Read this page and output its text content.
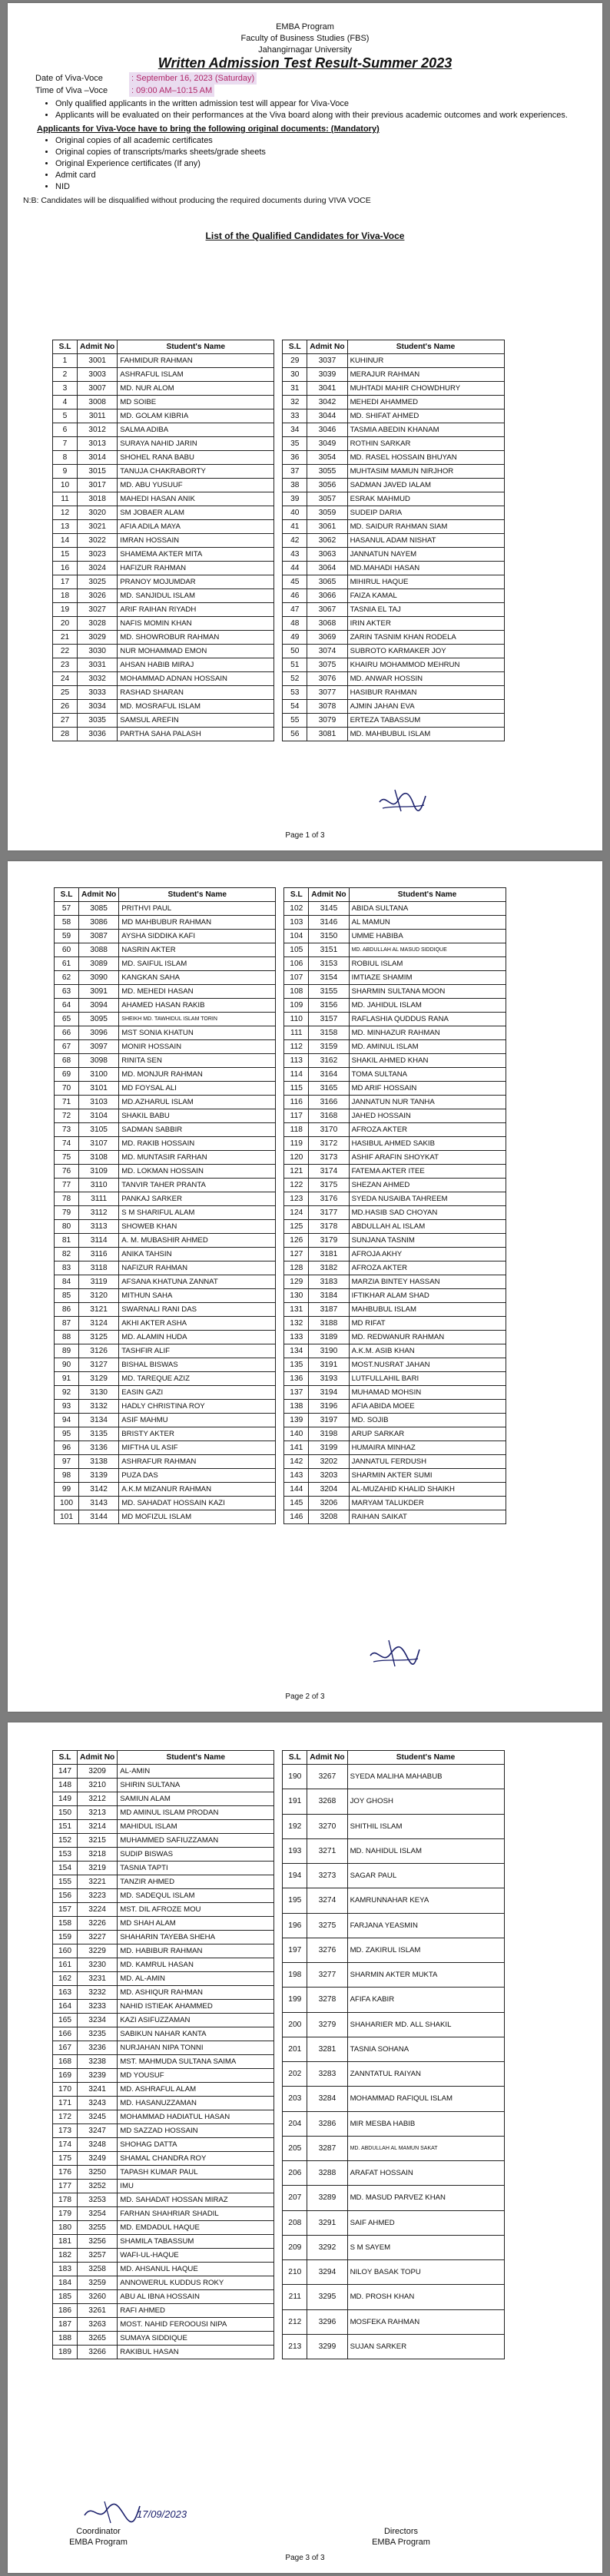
EMBA Program
Faculty of Business Studies (FBS)
Jahangirnagar University
Written Admission Test Result-Summer 2023
Date of Viva-Voce	: September 16, 2023 (Saturday)
Time of Viva –Voce	: 09:00 AM–10:15 AM
• Only qualified applicants in the written admission test will appear for Viva-Voce
• Applicants will be evaluated on their performances at the Viva board along with their previous academic outcomes and work experiences.
Applicants for Viva-Voce have to bring the following original documents: (Mandatory)
• Original copies of all academic certificates
• Original copies of transcripts/marks sheets/grade sheets
• Original Experience certificates (If any)
• Admit card
• NID
N:B: Candidates will be disqualified without producing the required documents during VIVA VOCE
List of the Qualified Candidates for Viva-Voce
S.L	Admit No	Student's Name
1	3001	FAHMIDUR RAHMAN
2	3003	ASHRAFUL ISLAM
3	3007	MD. NUR ALOM
4	3008	MD SOIBE
5	3011	MD. GOLAM KIBRIA
6	3012	SALMA ADIBA
7	3013	SURAYA NAHID JARIN
8	3014	SHOHEL RANA BABU
9	3015	TANUJA CHAKRABORTY
10	3017	MD. ABU YUSUUF
11	3018	MAHEDI HASAN ANIK
12	3020	SM JOBAER ALAM
13	3021	AFIA ADILA MAYA
14	3022	IMRAN HOSSAIN
15	3023	SHAMEMA AKTER MITA
16	3024	HAFIZUR RAHMAN
17	3025	PRANOY MOJUMDAR
18	3026	MD. SANJIDUL ISLAM
19	3027	ARIF RAIHAN RIYADH
20	3028	NAFIS MOMIN KHAN
21	3029	MD. SHOWROBUR RAHMAN
22	3030	NUR MOHAMMAD EMON
23	3031	AHSAN HABIB MIRAJ
24	3032	MOHAMMAD ADNAN HOSSAIN
25	3033	RASHAD SHARAN
26	3034	MD. MOSRAFUL ISLAM
27	3035	SAMSUL AREFIN
28	3036	PARTHA SAHA PALASH
S.L	Admit No	Student's Name
29	3037	KUHINUR
30	3039	MERAJUR RAHMAN
31	3041	MUHTADI MAHIR CHOWDHURY
32	3042	MEHEDI AHAMMED
33	3044	MD. SHIFAT AHMED
34	3046	TASMIA ABEDIN KHANAM
35	3049	ROTHIN SARKAR
36	3054	MD. RASEL HOSSAIN BHUYAN
37	3055	MUHTASIM MAMUN NIRJHOR
38	3056	SADMAN JAVED IALAM
39	3057	ESRAK MAHMUD
40	3059	SUDEIP DARIA
41	3061	MD. SAIDUR RAHMAN SIAM
42	3062	HASANUL ADAM NISHAT
43	3063	JANNATUN NAYEM
44	3064	MD.MAHADI HASAN
45	3065	MIHIRUL HAQUE
46	3066	FAIZA KAMAL
47	3067	TASNIA EL TAJ
48	3068	IRIN AKTER
49	3069	ZARIN TASNIM KHAN RODELA
50	3074	SUBROTO KARMAKER JOY
51	3075	KHAIRU MOHAMMOD MEHRUN
52	3076	MD. ANWAR HOSSIN
53	3077	HASIBUR RAHMAN
54	3078	AJMIN JAHAN EVA
55	3079	ERTEZA TABASSUM
56	3081	MD. MAHBUBUL ISLAM
Page 1 of 3
S.L	Admit No	Student's Name
57	3085	PRITHVI PAUL
58	3086	MD MAHBUBUR RAHMAN
59	3087	AYSHA SIDDIKA KAFI
60	3088	NASRIN AKTER
61	3089	MD. SAIFUL ISLAM
62	3090	KANGKAN SAHA
63	3091	MD. MEHEDI HASAN
64	3094	AHAMED HASAN RAKIB
65	3095	SHEIKH MD. TAWHIDUL ISLAM TORIN
66	3096	MST SONIA KHATUN
67	3097	MONIR HOSSAIN
68	3098	RINITA SEN
69	3100	MD. MONJUR RAHMAN
70	3101	MD FOYSAL ALI
71	3103	MD.AZHARUL ISLAM
72	3104	SHAKIL BABU
73	3105	SADMAN SABBIR
74	3107	MD. RAKIB HOSSAIN
75	3108	MD. MUNTASIR FARHAN
76	3109	MD. LOKMAN HOSSAIN
77	3110	TANVIR TAHER PRANTA
78	3111	PANKAJ SARKER
79	3112	S M SHARIFUL ALAM
80	3113	SHOWEB KHAN
81	3114	A. M. MUBASHIR AHMED
82	3116	ANIKA TAHSIN
83	3118	NAFIZUR RAHMAN
84	3119	AFSANA KHATUNA ZANNAT
85	3120	MITHUN SAHA
86	3121	SWARNALI RANI DAS
87	3124	AKHI AKTER ASHA
88	3125	MD. ALAMIN HUDA
89	3126	TASHFIR ALIF
90	3127	BISHAL BISWAS
91	3129	MD. TAREQUE AZIZ
92	3130	EASIN GAZI
93	3132	HADLY CHRISTINA ROY
94	3134	ASIF MAHMU
95	3135	BRISTY AKTER
96	3136	MIFTHA UL ASIF
97	3138	ASHRAFUR RAHMAN
98	3139	PUZA DAS
99	3142	A.K.M MIZANUR RAHMAN
100	3143	MD. SAHADAT HOSSAIN KAZI
101	3144	MD MOFIZUL ISLAM
S.L	Admit No	Student's Name
102	3145	ABIDA SULTANA
103	3146	AL MAMUN
104	3150	UMME HABIBA
105	3151	MD. ABDULLAH AL MASUD SIDDIQUE
106	3153	ROBIUL ISLAM
107	3154	IMTIAZE SHAMIM
108	3155	SHARMIN SULTANA MOON
109	3156	MD. JAHIDUL ISLAM
110	3157	RAFLASHIA QUDDUS RANA
111	3158	MD. MINHAZUR RAHMAN
112	3159	MD. AMINUL ISLAM
113	3162	SHAKIL AHMED KHAN
114	3164	TOMA SULTANA
115	3165	MD ARIF HOSSAIN
116	3166	JANNATUN NUR TANHA
117	3168	JAHED HOSSAIN
118	3170	AFROZA AKTER
119	3172	HASIBUL AHMED SAKIB
120	3173	ASHIF ARAFIN SHOYKAT
121	3174	FATEMA AKTER ITEE
122	3175	SHEZAN AHMED
123	3176	SYEDA NUSAIBA TAHREEM
124	3177	MD.HASIB SAD CHOYAN
125	3178	ABDULLAH AL ISLAM
126	3179	SUNJANA TASNIM
127	3181	AFROJA AKHY
128	3182	AFROZA AKTER
129	3183	MARZIA BINTEY HASSAN
130	3184	IFTIKHAR ALAM SHAD
131	3187	MAHBUBUL ISLAM
132	3188	MD RIFAT
133	3189	MD. REDWANUR RAHMAN
134	3190	A.K.M. ASIB KHAN
135	3191	MOST.NUSRAT JAHAN
136	3193	LUTFULLAHIL BARI
137	3194	MUHAMAD MOHSIN
138	3196	AFIA ABIDA MOEE
139	3197	MD. SOJIB
140	3198	ARUP SARKAR
141	3199	HUMAIRA MINHAZ
142	3202	JANNATUL FERDUSH
143	3203	SHARMIN AKTER SUMI
144	3204	AL-MUZAHID KHALID SHAIKH
145	3206	MARYAM TALUKDER
146	3208	RAIHAN SAIKAT
Page 2 of 3
S.L	Admit No	Student's Name
147	3209	AL-AMIN
148	3210	SHIRIN SULTANA
149	3212	SAMIUN ALAM
150	3213	MD AMINUL ISLAM PRODAN
151	3214	MAHIDUL ISLAM
152	3215	MUHAMMED SAFIUZZAMAN
153	3218	SUDIP BISWAS
154	3219	TASNIA TAPTI
155	3221	TANZIR AHMED
156	3223	MD. SADEQUL ISLAM
157	3224	MST. DIL AFROZE MOU
158	3226	MD SHAH ALAM
159	3227	SHAHARIN TAYEBA SHEHA
160	3229	MD. HABIBUR RAHMAN
161	3230	MD. KAMRUL HASAN
162	3231	MD. AL-AMIN
163	3232	MD. ASHIQUR RAHMAN
164	3233	NAHID ISTIEAK AHAMMED
165	3234	KAZI ASIFUZZAMAN
166	3235	SABIKUN NAHAR KANTA
167	3236	NURJAHAN NIPA TONNI
168	3238	MST. MAHMUDA SULTANA SAIMA
169	3239	MD YOUSUF
170	3241	MD. ASHRAFUL ALAM
171	3243	MD. HASANUZZAMAN
172	3245	MOHAMMAD HADIATUL HASAN
173	3247	MD SAZZAD HOSSAIN
174	3248	SHOHAG DATTA
175	3249	SHAMAL CHANDRA ROY
176	3250	TAPASH KUMAR PAUL
177	3252	IMU
178	3253	MD. SAHADAT HOSSAN MIRAZ
179	3254	FARHAN SHAHRIAR SHADIL
180	3255	MD. EMDADUL HAQUE
181	3256	SHAMILA TABASSUM
182	3257	WAFI-UL-HAQUE
183	3258	MD. AHSANUL HAQUE
184	3259	ANNOWERUL KUDDUS ROKY
185	3260	ABU AL IBNA HOSSAIN
186	3261	RAFI AHMED
187	3263	MOST. NAHID FEROOUSI NIPA
188	3265	SUMAYA SIDDIQUE
189	3266	RAKIBUL HASAN
S.L	Admit No	Student's Name
190	3267	SYEDA MALIHA MAHABUB
191	3268	JOY GHOSH
192	3270	SHITHIL ISLAM
193	3271	MD. NAHIDUL ISLAM
194	3273	SAGAR PAUL
195	3274	KAMRUNNAHAR KEYA
196	3275	FARJANA YEASMIN
197	3276	MD. ZAKIRUL ISLAM
198	3277	SHARMIN AKTER MUKTA
199	3278	AFIFA KABIR
200	3279	SHAHARIER MD. ALL SHAKIL
201	3281	TASNIA SOHANA
202	3283	ZANNTATUL RAIYAN
203	3284	MOHAMMAD RAFIQUL ISLAM
204	3286	MIR MESBA HABIB
205	3287	MD. ABDULLAH AL MAMUN SAKAT
206	3288	ARAFAT HOSSAIN
207	3289	MD. MASUD PARVEZ KHAN
208	3291	SAIF AHMED
209	3292	S M SAYEM
210	3294	NILOY BASAK TOPU
211	3295	MD. PROSH KHAN
212	3296	MOSFEKA RAHMAN
213	3299	SUJAN SARKER
17/09/2023
Coordinator
EMBA Program
Directors
EMBA Program
Page 3 of 3
